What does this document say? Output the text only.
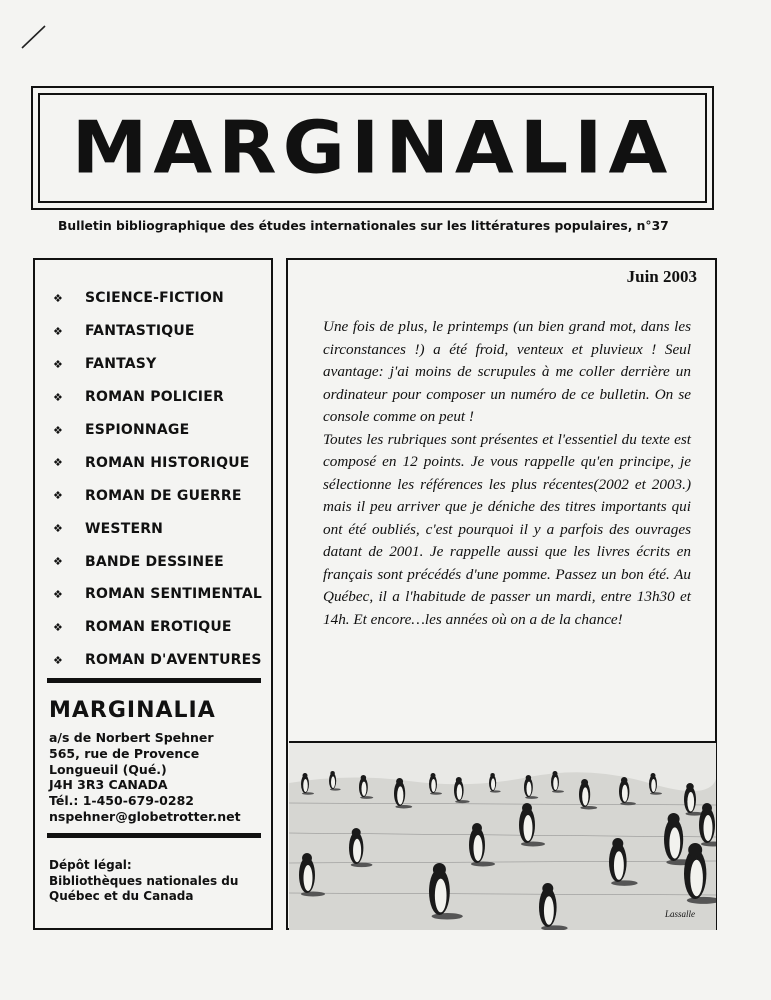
MARGINALIA
Bulletin bibliographique des études internationales sur les littératures populaires, n°37
❖ SCIENCE-FICTION
❖ FANTASTIQUE
❖ FANTASY
❖ ROMAN POLICIER
❖ ESPIONNAGE
❖ ROMAN HISTORIQUE
❖ ROMAN DE GUERRE
❖ WESTERN
❖ BANDE DESSINEE
❖ ROMAN SENTIMENTAL
❖ ROMAN EROTIQUE
❖ ROMAN D'AVENTURES
MARGINALIA
a/s de Norbert Spehner
565, rue de Provence
Longueuil (Qué.)
J4H 3R3 CANADA
Tél.: 1-450-679-0282
nspehner@globetrotter.net
Dépôt légal:
Bibliothèques nationales du
Québec et du Canada
Juin 2003

Une fois de plus, le printemps (un bien grand mot, dans les circonstances !) a été froid, venteux et pluvieux ! Seul avantage: j'ai moins de scrupules à me coller derrière un ordinateur pour composer un numéro de ce bulletin. On se console comme on peut !

Toutes les rubriques sont présentes et l'essentiel du texte est composé en 12 points. Je vous rappelle qu'en principe, je sélectionne les références les plus récentes(2002 et 2003.) mais il peu arriver que je déniche des titres importants qui ont été oubliés, c'est pourquoi il y a parfois des ouvrages datant de 2001. Je rappelle aussi que les livres écrits en français sont précédés d'une pomme. Passez un bon été. Au Québec, il a l'habitude de passer un mardi, entre 13h30 et 14h. Et encore…les années où on a de la chance!

Lassalle
